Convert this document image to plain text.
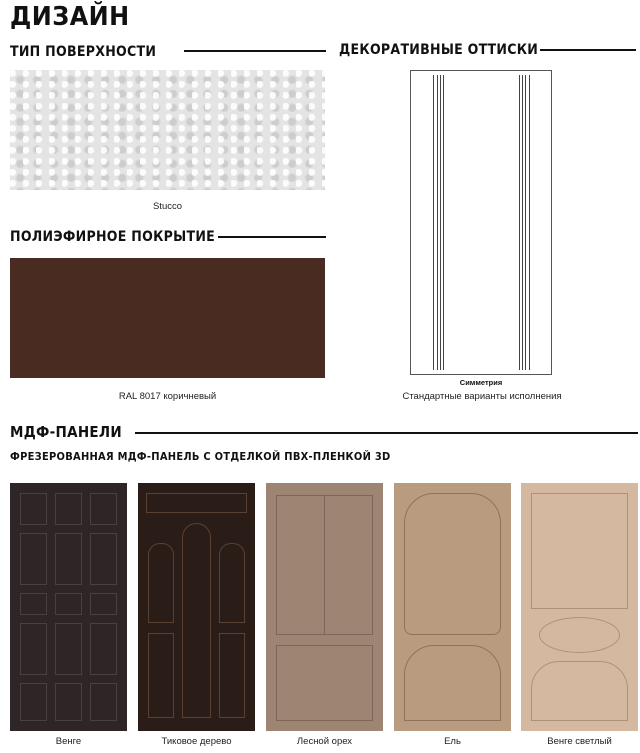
ДИЗАЙН
ТИП ПОВЕРХНОСТИ
Stucco
ПОЛИЭФИРНОЕ ПОКРЫТИЕ
RAL 8017 коричневый
ДЕКОРАТИВНЫЕ ОТТИСКИ
Симметрия
Стандартные варианты исполнения
МДФ-ПАНЕЛИ
ФРЕЗЕРОВАННАЯ МДФ-ПАНЕЛЬ С ОТДЕЛКОЙ ПВХ-ПЛЕНКОЙ 3D
Венге	Тиковое дерево	Лесной орех	Ель	Венге светлый
